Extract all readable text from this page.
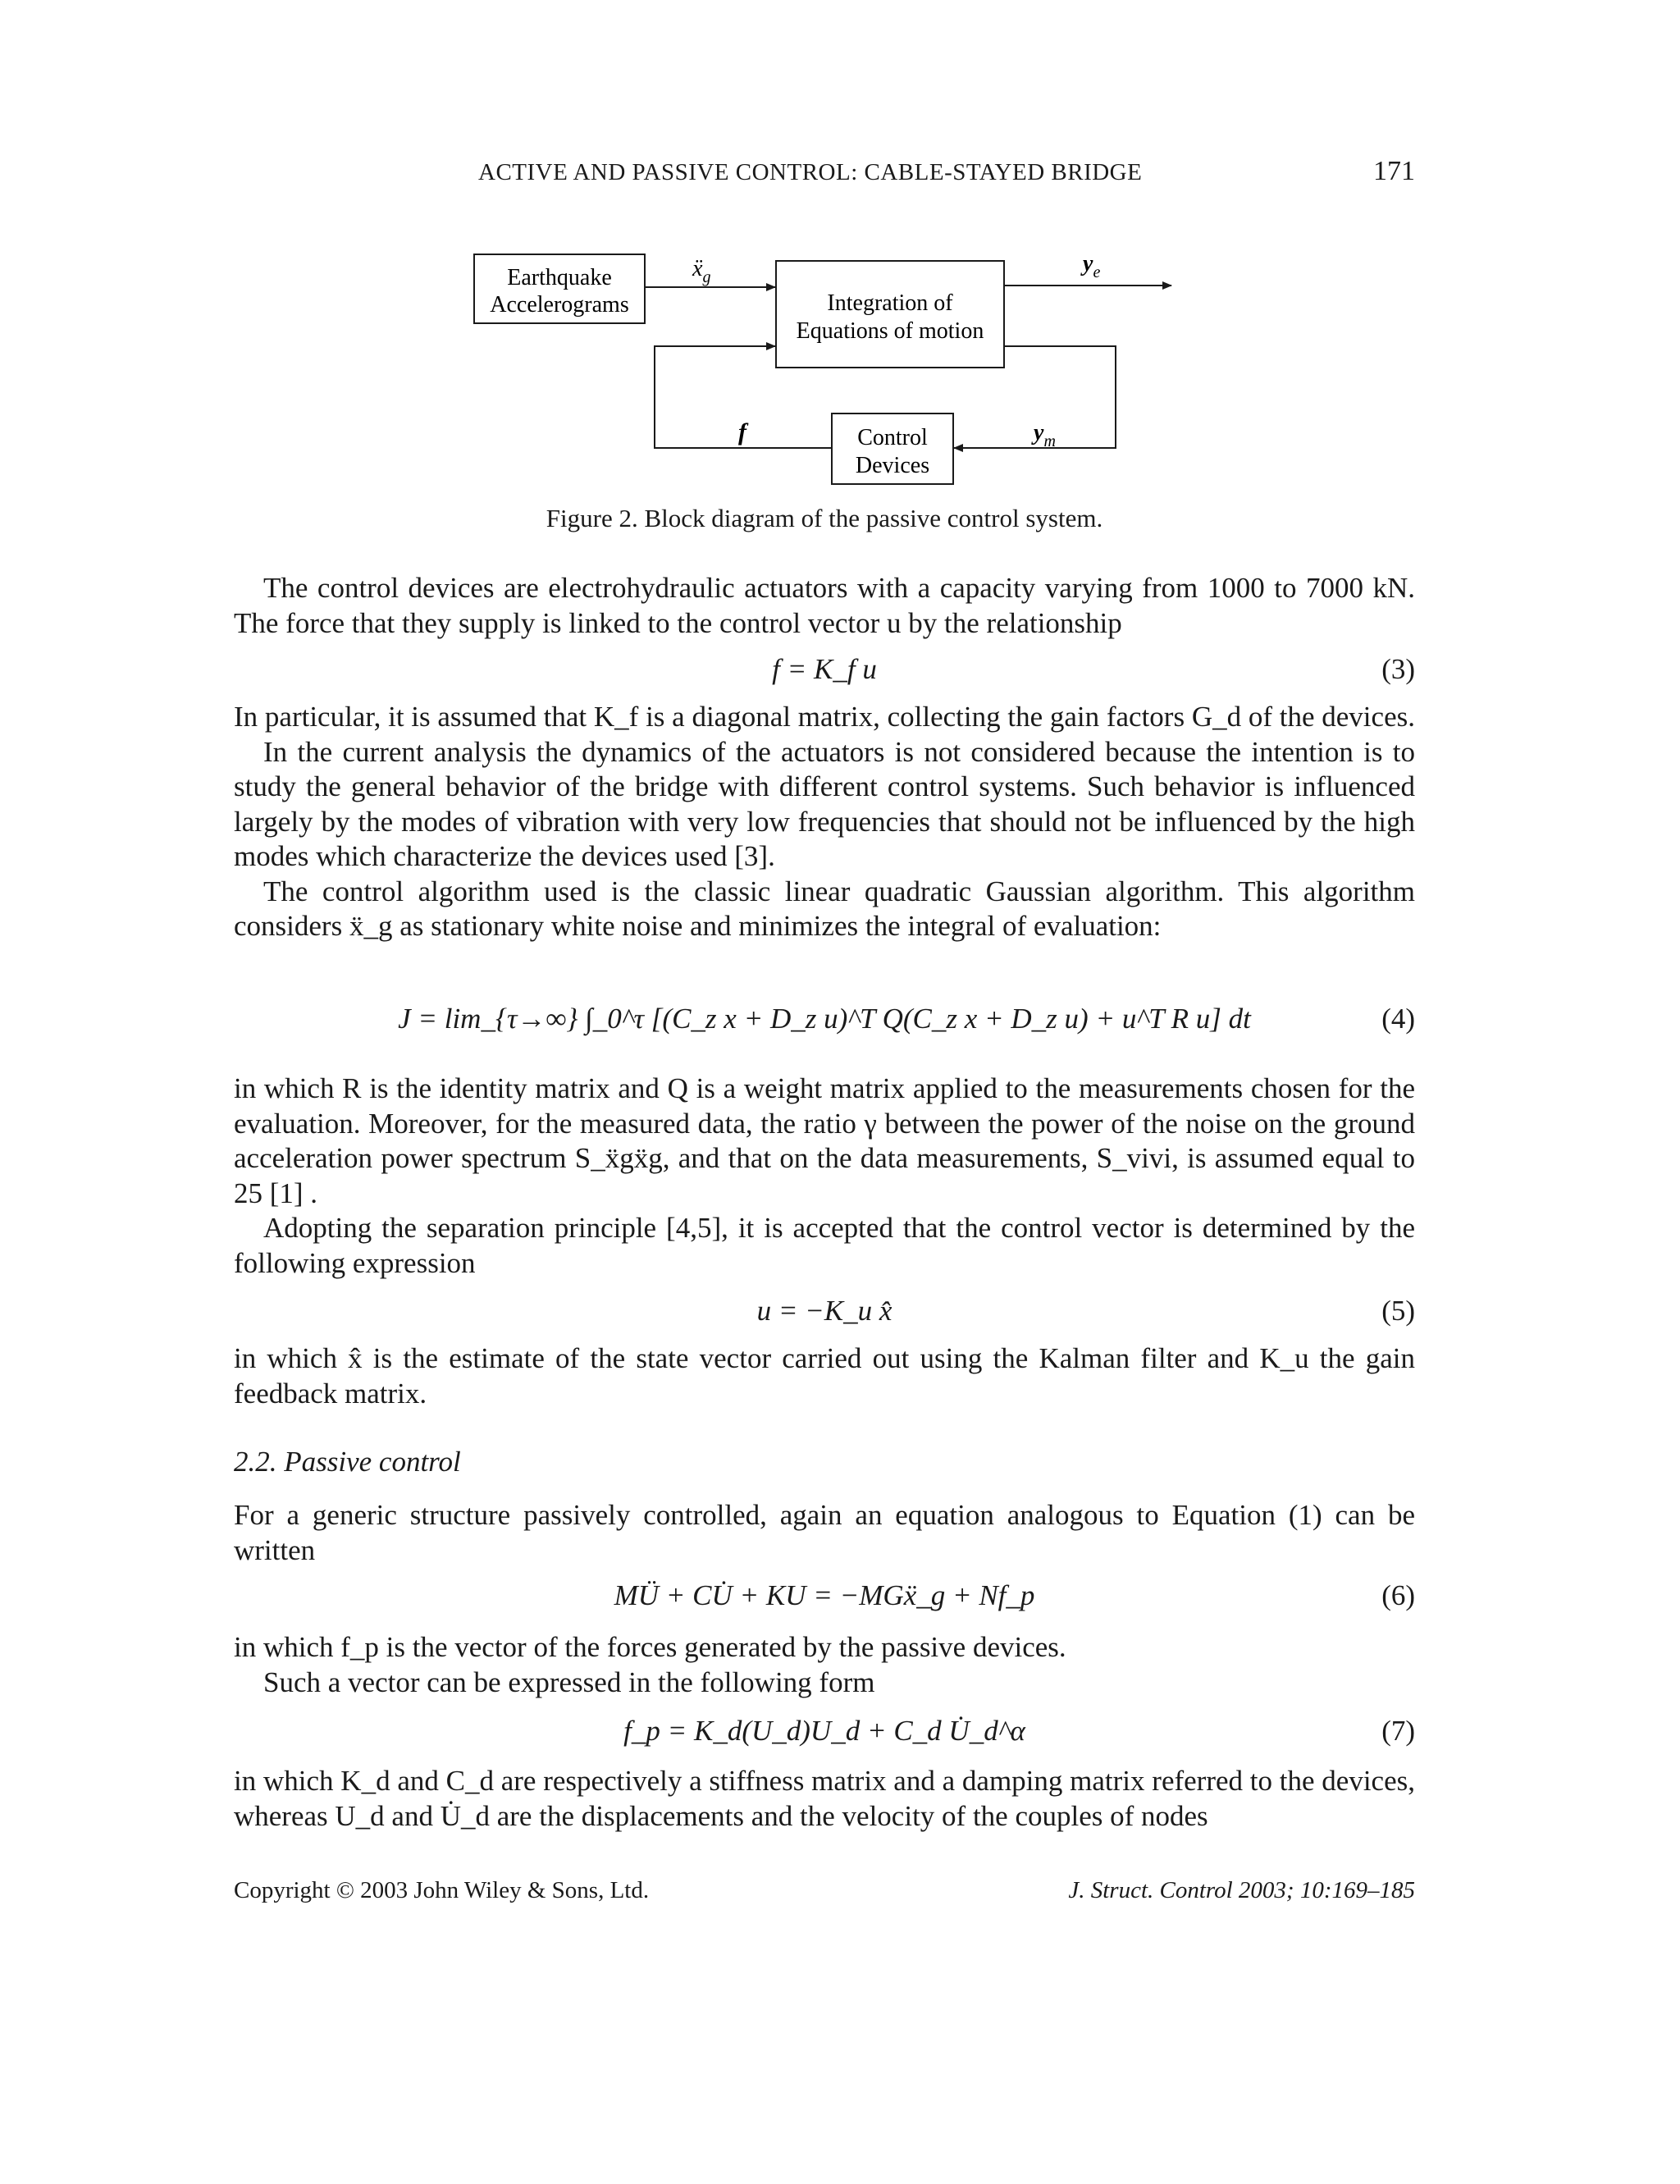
ACTIVE AND PASSIVE CONTROL: CABLE-STAYED BRIDGE	171
Earthquake
Accelerograms	Integration of
Equations of motion
Control
Devices
ẍ$_g$
$y_e$
f	$y_m$
Figure 2. Block diagram of the passive control system.

The control devices are electrohydraulic actuators with a capacity varying from 1000 to 7000 kN. The force that they supply is linked to the control vector u by the relationship

f = K_f u	(3)

In particular, it is assumed that K_f is a diagonal matrix, collecting the gain factors G_d of the devices.

In the current analysis the dynamics of the actuators is not considered because the intention is to study the general behavior of the bridge with different control systems. Such behavior is influenced largely by the modes of vibration with very low frequencies that should not be influenced by the high modes which characterize the devices used [3].

The control algorithm used is the classic linear quadratic Gaussian algorithm. This algorithm considers ẍ_g as stationary white noise and minimizes the integral of evaluation:

J = lim_{τ→∞} ∫_0^τ [(C_z x + D_z u)^T Q(C_z x + D_z u) + u^T R u] dt	(4)

in which R is the identity matrix and Q is a weight matrix applied to the measurements chosen for the evaluation. Moreover, for the measured data, the ratio γ between the power of the noise on the ground acceleration power spectrum S_ẍgẍg, and that on the data measurements, S_vivi, is assumed equal to 25 [1] .

Adopting the separation principle [4,5], it is accepted that the control vector is determined by the following expression

u = −K_u x̂	(5)

in which x̂ is the estimate of the state vector carried out using the Kalman filter and K_u the gain feedback matrix.

2.2. Passive control

For a generic structure passively controlled, again an equation analogous to Equation (1) can be written

MÜ + CU̇ + KU = −MGẍ_g + Nf_p	(6)

in which f_p is the vector of the forces generated by the passive devices.

Such a vector can be expressed in the following form

f_p = K_d(U_d)U_d + C_d U̇_d^α	(7)

in which K_d and C_d are respectively a stiffness matrix and a damping matrix referred to the devices, whereas U_d and U̇_d are the displacements and the velocity of the couples of nodes

Copyright © 2003 John Wiley & Sons, Ltd.	J. Struct. Control 2003; 10:169–185
